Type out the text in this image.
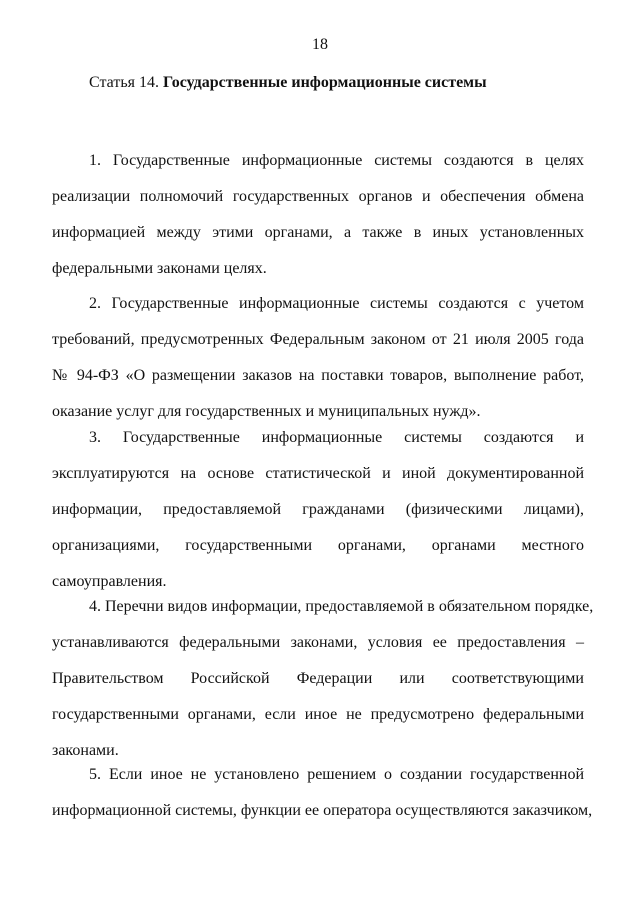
18
Статья 14. Государственные информационные системы
1. Государственные информационные системы создаются в целях
реализации полномочий государственных органов и обеспечения обмена
информацией между этими органами, а также в иных установленных
федеральными законами целях.
2. Государственные информационные системы создаются с учетом
требований, предусмотренных Федеральным законом от 21 июля 2005 года
№ 94-ФЗ «О размещении заказов на поставки товаров, выполнение работ,
оказание услуг для государственных и муниципальных нужд».
3. Государственные информационные системы создаются и
эксплуатируются на основе статистической и иной документированной
информации, предоставляемой гражданами (физическими лицами),
организациями, государственными органами, органами местного
самоуправления.
4. Перечни видов информации, предоставляемой в обязательном порядке,
устанавливаются федеральными законами, условия ее предоставления –
Правительством Российской Федерации или соответствующими
государственными органами, если иное не предусмотрено федеральными
законами.
5. Если иное не установлено решением о создании государственной
информационной системы, функции ее оператора осуществляются заказчиком,
